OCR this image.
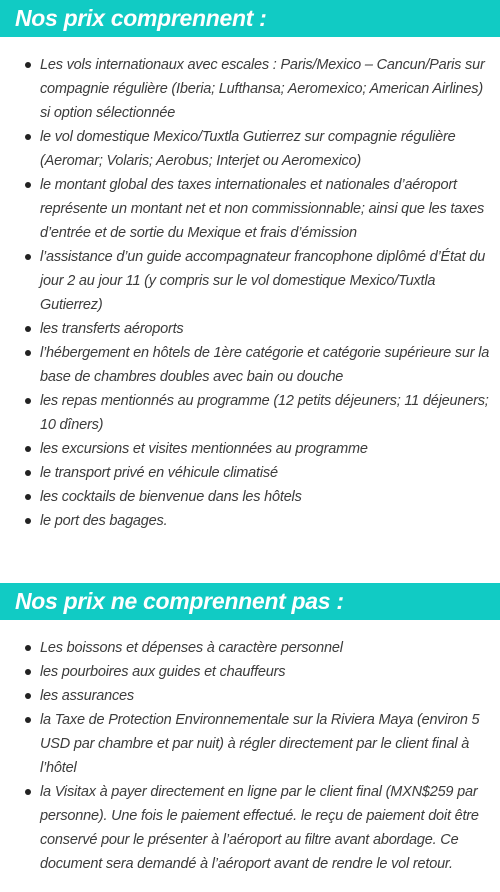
Nos prix comprennent :
Les vols internationaux avec escales : Paris/Mexico – Cancun/Paris sur compagnie régulière (Iberia; Lufthansa; Aeromexico; American Airlines) si option sélectionnée
le vol domestique Mexico/Tuxtla Gutierrez sur compagnie régulière (Aeromar; Volaris; Aerobus; Interjet ou Aeromexico)
le montant global des taxes internationales et nationales d’aéroport représente un montant net et non commissionnable; ainsi que les taxes d’entrée et de sortie du Mexique et frais d’émission
l’assistance d’un guide accompagnateur francophone diplômé d’État du jour 2 au jour 11 (y compris sur le vol domestique Mexico/Tuxtla Gutierrez)
les transferts aéroports
l’hébergement en hôtels de 1ère catégorie et catégorie supérieure sur la base de chambres doubles avec bain ou douche
les repas mentionnés au programme (12 petits déjeuners; 11 déjeuners; 10 dîners)
les excursions et visites mentionnées au programme
le transport privé en véhicule climatisé
les cocktails de bienvenue dans les hôtels
le port des bagages.
Nos prix ne comprennent pas :
Les boissons et dépenses à caractère personnel
les pourboires aux guides et chauffeurs
les assurances
la Taxe de Protection Environnementale sur la Riviera Maya (environ 5 USD par chambre et par nuit) à régler directement par le client final à l’hôtel
la Visitax à payer directement en ligne par le client final (MXN$259 par personne). Une fois le paiement effectué. le reçu de paiement doit être conservé pour le présenter à l’aéroport au filtre avant abordage. Ce document sera demandé à l’aéroport avant de rendre le vol retour.
